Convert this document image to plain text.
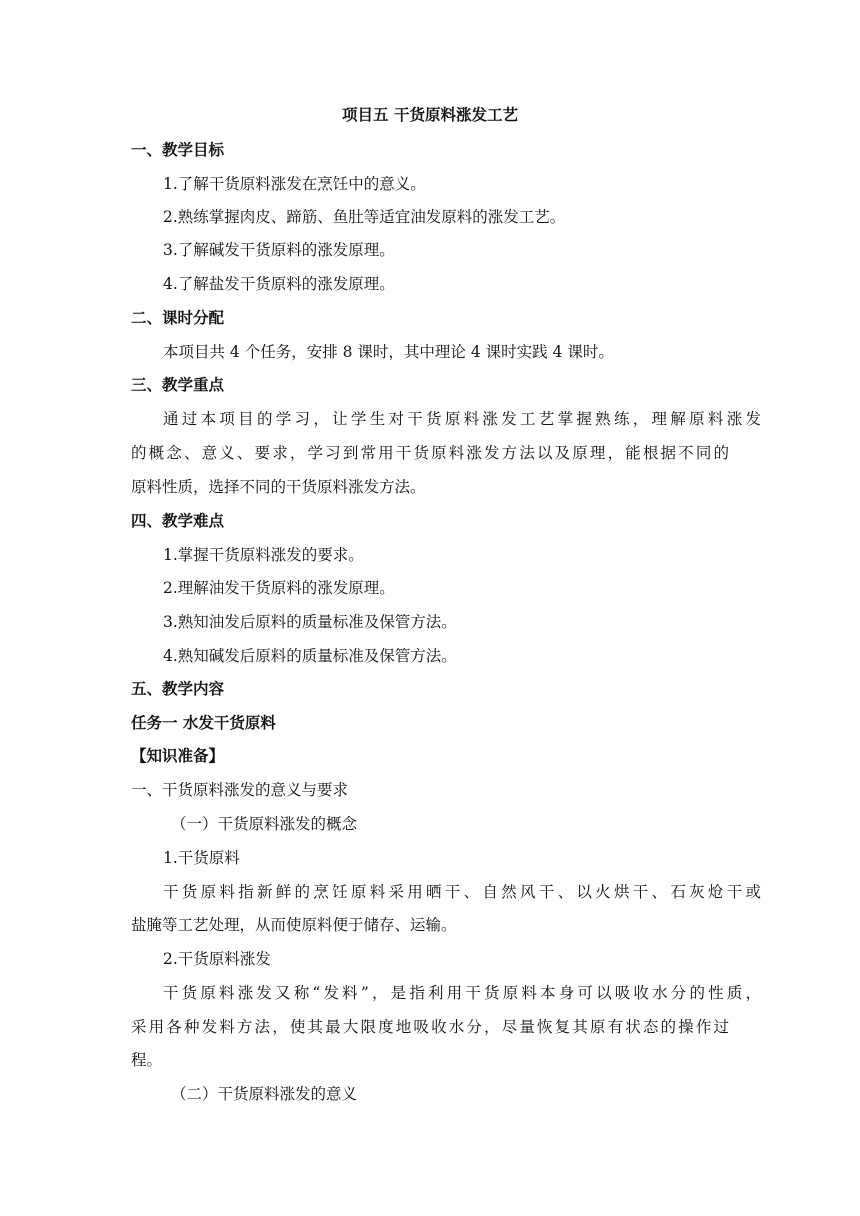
项目五 干货原料涨发工艺
一、教学目标
1.了解干货原料涨发在烹饪中的意义。
2.熟练掌握肉皮、蹄筋、鱼肚等适宜油发原料的涨发工艺。
3.了解碱发干货原料的涨发原理。
4.了解盐发干货原料的涨发原理。
二、课时分配
本项目共 4 个任务，安排 8 课时，其中理论 4 课时实践 4 课时。
三、教学重点
通过本项目的学习，让学生对干货原料涨发工艺掌握熟练，理解原料涨发
的概念、意义、要求，学习到常用干货原料涨发方法以及原理，能根据不同的
原料性质，选择不同的干货原料涨发方法。
四、教学难点
1.掌握干货原料涨发的要求。
2.理解油发干货原料的涨发原理。
3.熟知油发后原料的质量标准及保管方法。
4.熟知碱发后原料的质量标准及保管方法。
五、教学内容
任务一 水发干货原料
【知识准备】
一、干货原料涨发的意义与要求
（一）干货原料涨发的概念
1.干货原料
干货原料指新鲜的烹饪原料采用晒干、自然风干、以火烘干、石灰炝干或
盐腌等工艺处理，从而使原料便于储存、运输。
2.干货原料涨发
干货原料涨发又称“发料”，是指利用干货原料本身可以吸收水分的性质，
采用各种发料方法，使其最大限度地吸收水分，尽量恢复其原有状态的操作过
程。
（二）干货原料涨发的意义
